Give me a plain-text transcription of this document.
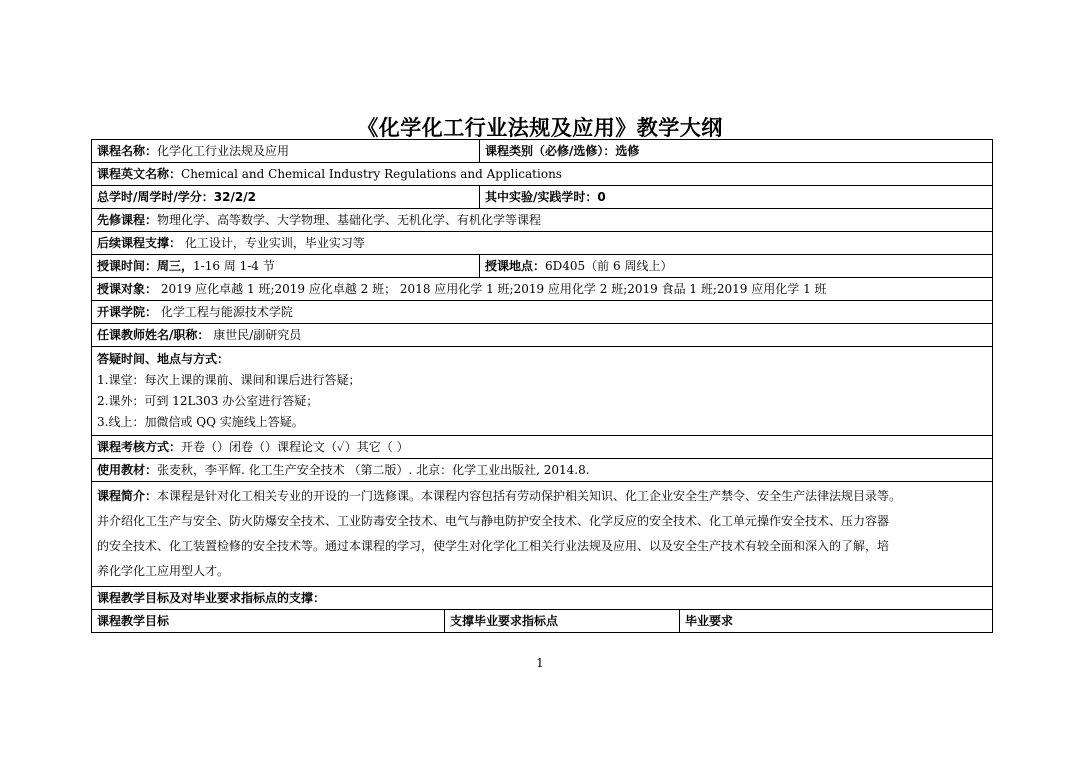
《化学化工行业法规及应用》教学大纲
课程名称：化学化工行业法规及应用	课程类别（必修/选修）：选修
课程英文名称：Chemical and Chemical Industry Regulations and Applications
总学时/周学时/学分：32/2/2	其中实验/实践学时：0
先修课程：物理化学、高等数学、大学物理、基础化学、无机化学、有机化学等课程
后续课程支撑： 化工设计，专业实训，毕业实习等
授课时间：周三，1-16 周 1-4 节	授课地点：6D405（前 6 周线上）
授课对象： 2019 应化卓越 1 班;2019 应化卓越 2 班； 2018 应用化学 1 班;2019 应用化学 2 班;2019 食品 1 班;2019 应用化学 1 班
开课学院： 化学工程与能源技术学院
任课教师姓名/职称： 康世民/副研究员
答疑时间、地点与方式：
1.课堂：每次上课的课前、课间和课后进行答疑；
2.课外：可到 12L303 办公室进行答疑；
3.线上：加微信或 QQ 实施线上答疑。
课程考核方式：开卷（）闭卷（）课程论文（✓）其它（ ）
使用教材：张麦秋，李平辉. 化工生产安全技术 （第二版）. 北京：化学工业出版社, 2014.8.
课程简介：本课程是针对化工相关专业的开设的一门选修课。本课程内容包括有劳动保护相关知识、化工企业安全生产禁令、安全生产法律法规目录等。
并介绍化工生产与安全、防火防爆安全技术、工业防毒安全技术、电气与静电防护安全技术、化学反应的安全技术、化工单元操作安全技术、压力容器
的安全技术、化工装置检修的安全技术等。通过本课程的学习，使学生对化学化工相关行业法规及应用、以及安全生产技术有较全面和深入的了解，培
养化学化工应用型人才。
课程教学目标及对毕业要求指标点的支撑：
课程教学目标	支撑毕业要求指标点	毕业要求
1
